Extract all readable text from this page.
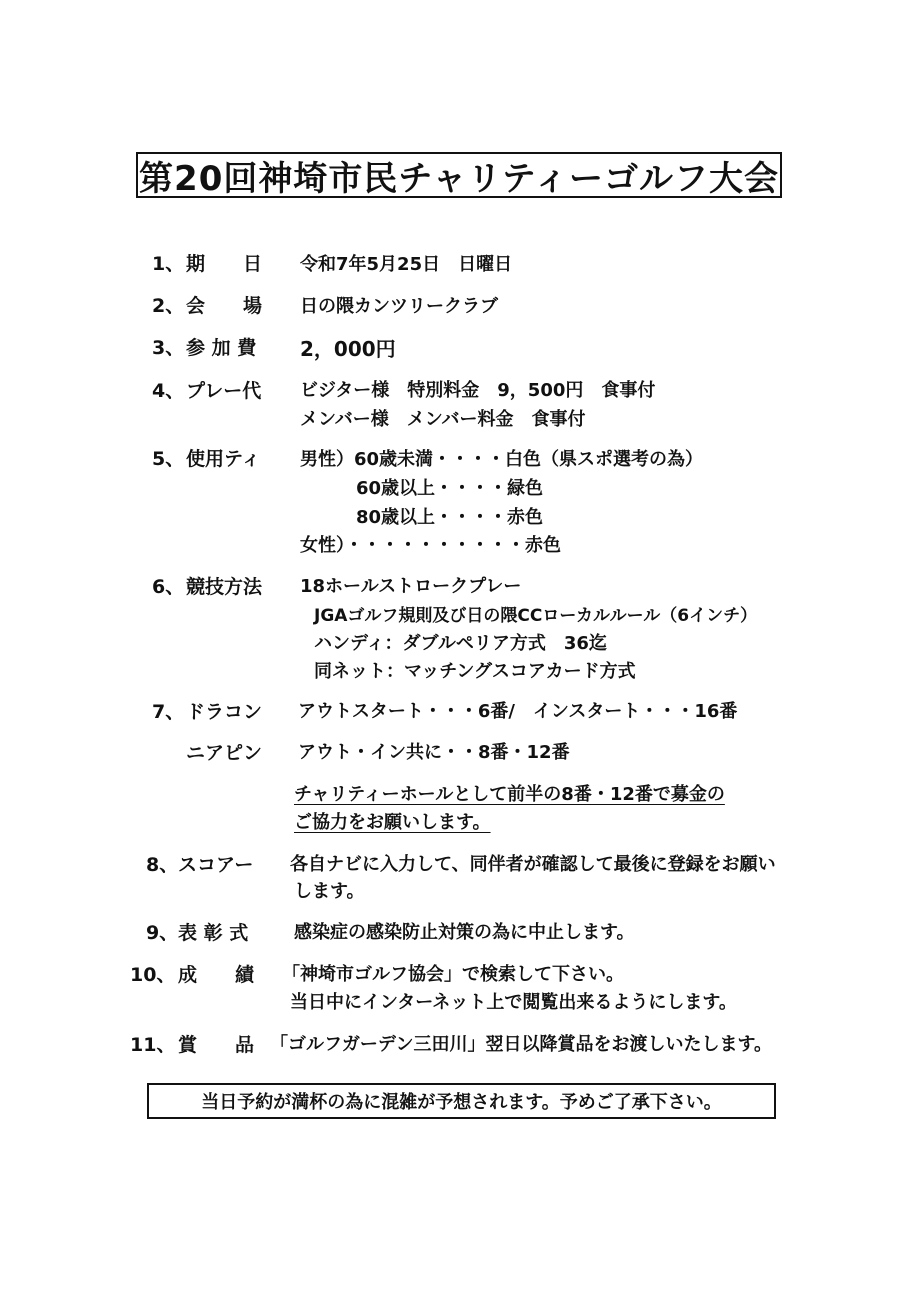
第20回神埼市民チャリティーゴルフ大会
1、 期　　日 令和7年5月25日　日曜日
2、 会　　場 日の隈カンツリークラブ
3、 参 加 費 2，000円
4、 プレー代 ビジター様　特別料金　9，500円　食事付
メンバー様　メンバー料金　食事付
5、 使用ティ 男性）60歳未満・・・・白色（県スポ選考の為）
60歳以上・・・・緑色
80歳以上・・・・赤色
女性）・・・・・・・・・・赤色
6、 競技方法 18ホールストロークプレー
JGAゴルフ規則及び日の隈CCローカルルール（6インチ）
ハンディ：ダブルペリア方式　36迄
同ネット：マッチングスコアカード方式
7、 ドラコン アウトスタート・・・6番/　インスタート・・・16番
ニアピン アウト・イン共に・・8番・12番
チャリティーホールとして前半の8番・12番で募金の
ご協力をお願いします。
8、 スコアー 各自ナビに入力して、同伴者が確認して最後に登録をお願い
します。
9、 表 彰 式	感染症の感染防止対策の為に中止します。
10、 成　　績 「神埼市ゴルフ協会」で検索して下さい。
当日中にインターネット上で閲覧出来るようにします。
11、 賞　　品 「ゴルフガーデン三田川」翌日以降賞品をお渡しいたします。
当日予約が満杯の為に混雑が予想されます。予めご了承下さい。
